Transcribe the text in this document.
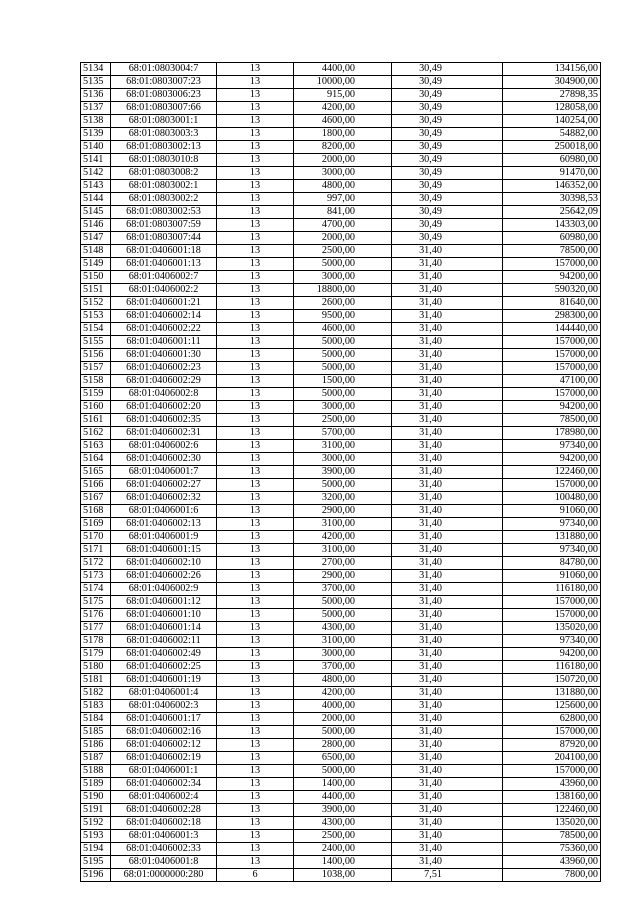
5134	68:01:0803004:7	13	4400,00	30,49	134156,00
5135	68:01:0803007:23	13	10000,00	30,49	304900,00
5136	68:01:0803006:23	13	915,00	30,49	27898,35
5137	68:01:0803007:66	13	4200,00	30,49	128058,00
5138	68:01:0803001:1	13	4600,00	30,49	140254,00
5139	68:01:0803003:3	13	1800,00	30,49	54882,00
5140	68:01:0803002:13	13	8200,00	30,49	250018,00
5141	68:01:0803010:8	13	2000,00	30,49	60980,00
5142	68:01:0803008:2	13	3000,00	30,49	91470,00
5143	68:01:0803002:1	13	4800,00	30,49	146352,00
5144	68:01:0803002:2	13	997,00	30,49	30398,53
5145	68:01:0803002:53	13	841,00	30,49	25642,09
5146	68:01:0803007:59	13	4700,00	30,49	143303,00
5147	68:01:0803007:44	13	2000,00	30,49	60980,00
5148	68:01:0406001:18	13	2500,00	31,40	78500,00
5149	68:01:0406001:13	13	5000,00	31,40	157000,00
5150	68:01:0406002:7	13	3000,00	31,40	94200,00
5151	68:01:0406002:2	13	18800,00	31,40	590320,00
5152	68:01:0406001:21	13	2600,00	31,40	81640,00
5153	68:01:0406002:14	13	9500,00	31,40	298300,00
5154	68:01:0406002:22	13	4600,00	31,40	144440,00
5155	68:01:0406001:11	13	5000,00	31,40	157000,00
5156	68:01:0406001:30	13	5000,00	31,40	157000,00
5157	68:01:0406002:23	13	5000,00	31,40	157000,00
5158	68:01:0406002:29	13	1500,00	31,40	47100,00
5159	68:01:0406002:8	13	5000,00	31,40	157000,00
5160	68:01:0406002:20	13	3000,00	31,40	94200,00
5161	68:01:0406002:35	13	2500,00	31,40	78500,00
5162	68:01:0406002:31	13	5700,00	31,40	178980,00
5163	68:01:0406002:6	13	3100,00	31,40	97340,00
5164	68:01:0406002:30	13	3000,00	31,40	94200,00
5165	68:01:0406001:7	13	3900,00	31,40	122460,00
5166	68:01:0406002:27	13	5000,00	31,40	157000,00
5167	68:01:0406002:32	13	3200,00	31,40	100480,00
5168	68:01:0406001:6	13	2900,00	31,40	91060,00
5169	68:01:0406002:13	13	3100,00	31,40	97340,00
5170	68:01:0406001:9	13	4200,00	31,40	131880,00
5171	68:01:0406001:15	13	3100,00	31,40	97340,00
5172	68:01:0406002:10	13	2700,00	31,40	84780,00
5173	68:01:0406002:26	13	2900,00	31,40	91060,00
5174	68:01:0406002:9	13	3700,00	31,40	116180,00
5175	68:01:0406001:12	13	5000,00	31,40	157000,00
5176	68:01:0406001:10	13	5000,00	31,40	157000,00
5177	68:01:0406001:14	13	4300,00	31,40	135020,00
5178	68:01:0406002:11	13	3100,00	31,40	97340,00
5179	68:01:0406002:49	13	3000,00	31,40	94200,00
5180	68:01:0406002:25	13	3700,00	31,40	116180,00
5181	68:01:0406001:19	13	4800,00	31,40	150720,00
5182	68:01:0406001:4	13	4200,00	31,40	131880,00
5183	68:01:0406002:3	13	4000,00	31,40	125600,00
5184	68:01:0406001:17	13	2000,00	31,40	62800,00
5185	68:01:0406002:16	13	5000,00	31,40	157000,00
5186	68:01:0406002:12	13	2800,00	31,40	87920,00
5187	68:01:0406002:19	13	6500,00	31,40	204100,00
5188	68:01:0406001:1	13	5000,00	31,40	157000,00
5189	68:01:0406002:34	13	1400,00	31,40	43960,00
5190	68:01:0406002:4	13	4400,00	31,40	138160,00
5191	68:01:0406002:28	13	3900,00	31,40	122460,00
5192	68:01:0406002:18	13	4300,00	31,40	135020,00
5193	68:01:0406001:3	13	2500,00	31,40	78500,00
5194	68:01:0406002:33	13	2400,00	31,40	75360,00
5195	68:01:0406001:8	13	1400,00	31,40	43960,00
5196	68:01:0000000:280	6	1038,00	7,51	7800,00
